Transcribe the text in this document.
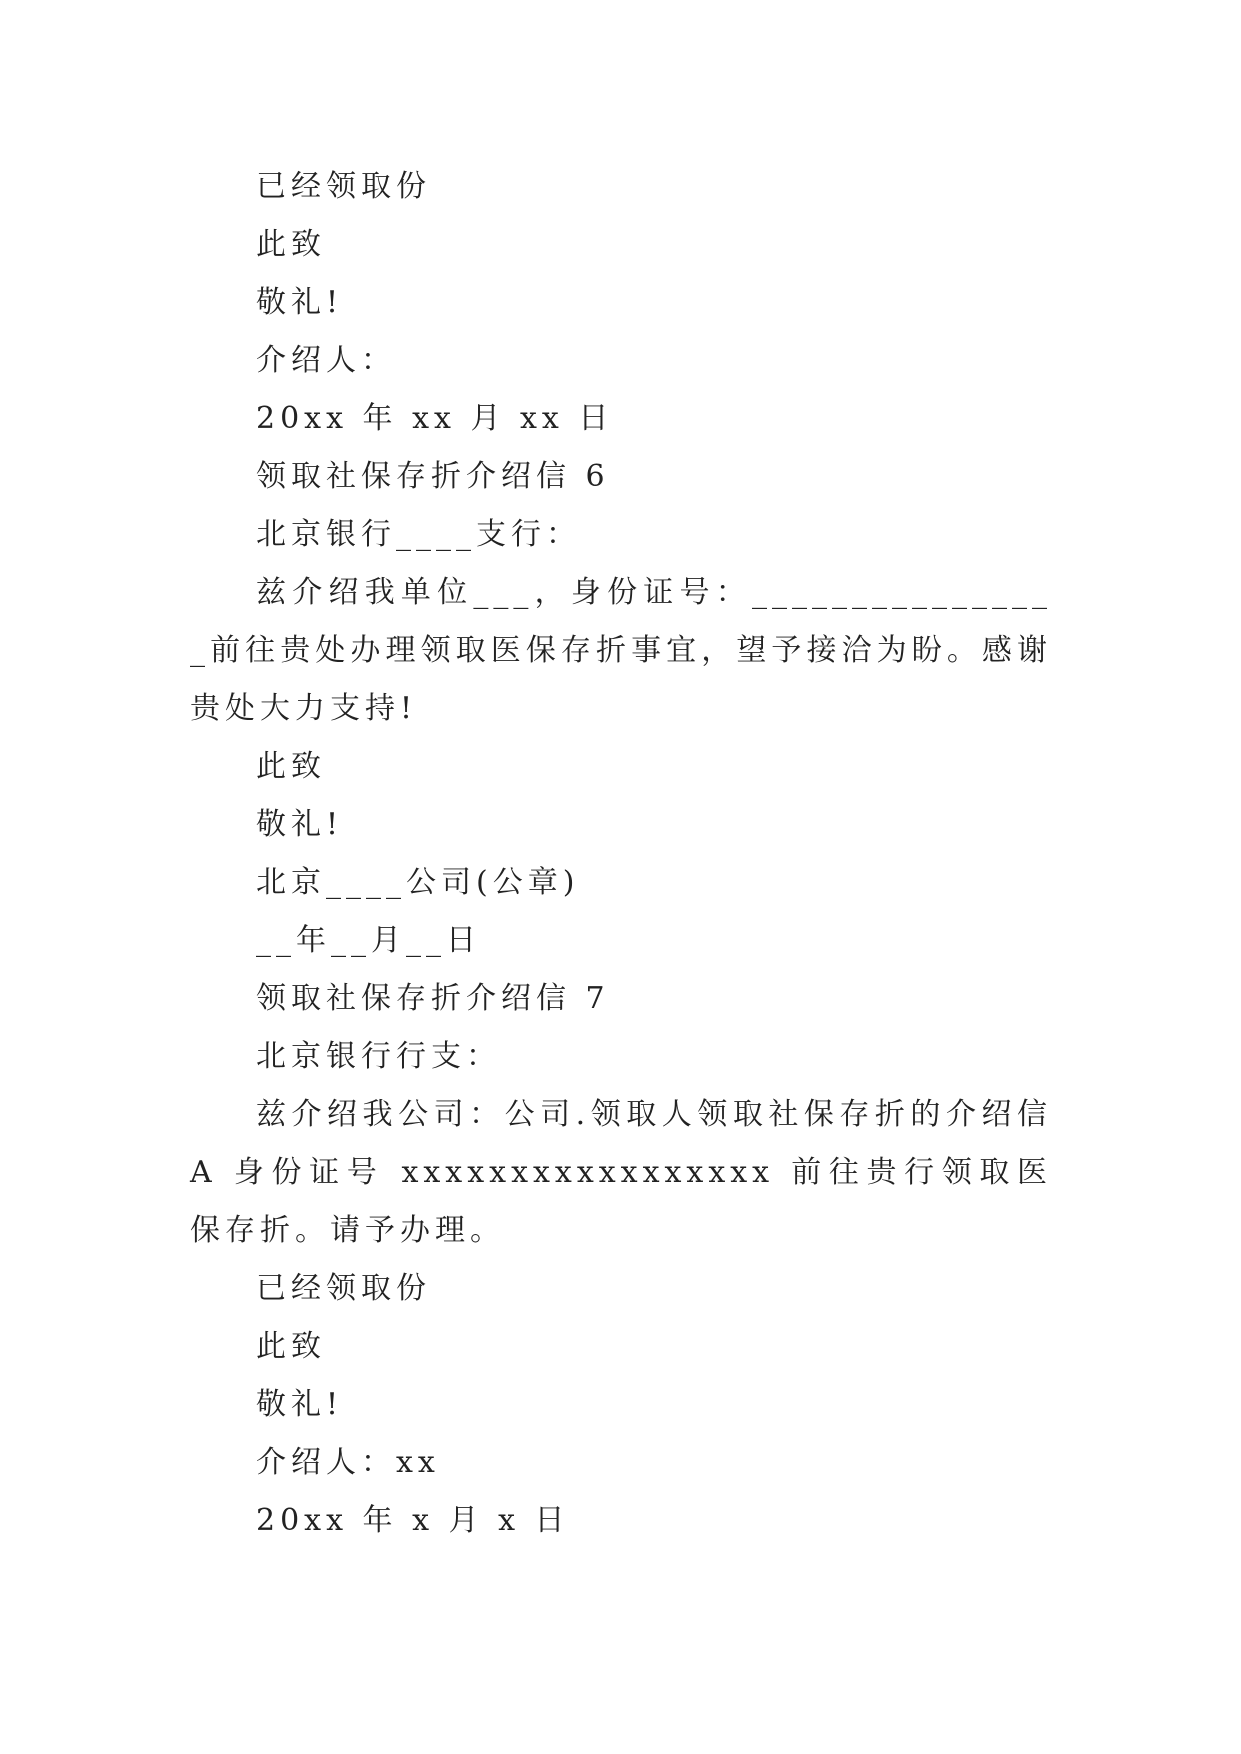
已经领取份
此致
敬礼!
介绍人：
20xx 年 xx 月 xx 日
领取社保存折介绍信 6
北京银行____支行：
兹介绍我单位___，身份证号：________________前往贵处办理领取医保存折事宜，望予接洽为盼。感谢贵处大力支持!
此致
敬礼!
北京____公司(公章)
__年__月__日
领取社保存折介绍信 7
北京银行行支：
兹介绍我公司：公司.领取人领取社保存折的介绍信 A 身份证号 xxxxxxxxxxxxxxxxx 前往贵行领取医保存折。请予办理。
已经领取份
此致
敬礼!
介绍人：xx
20xx 年 x 月 x 日
